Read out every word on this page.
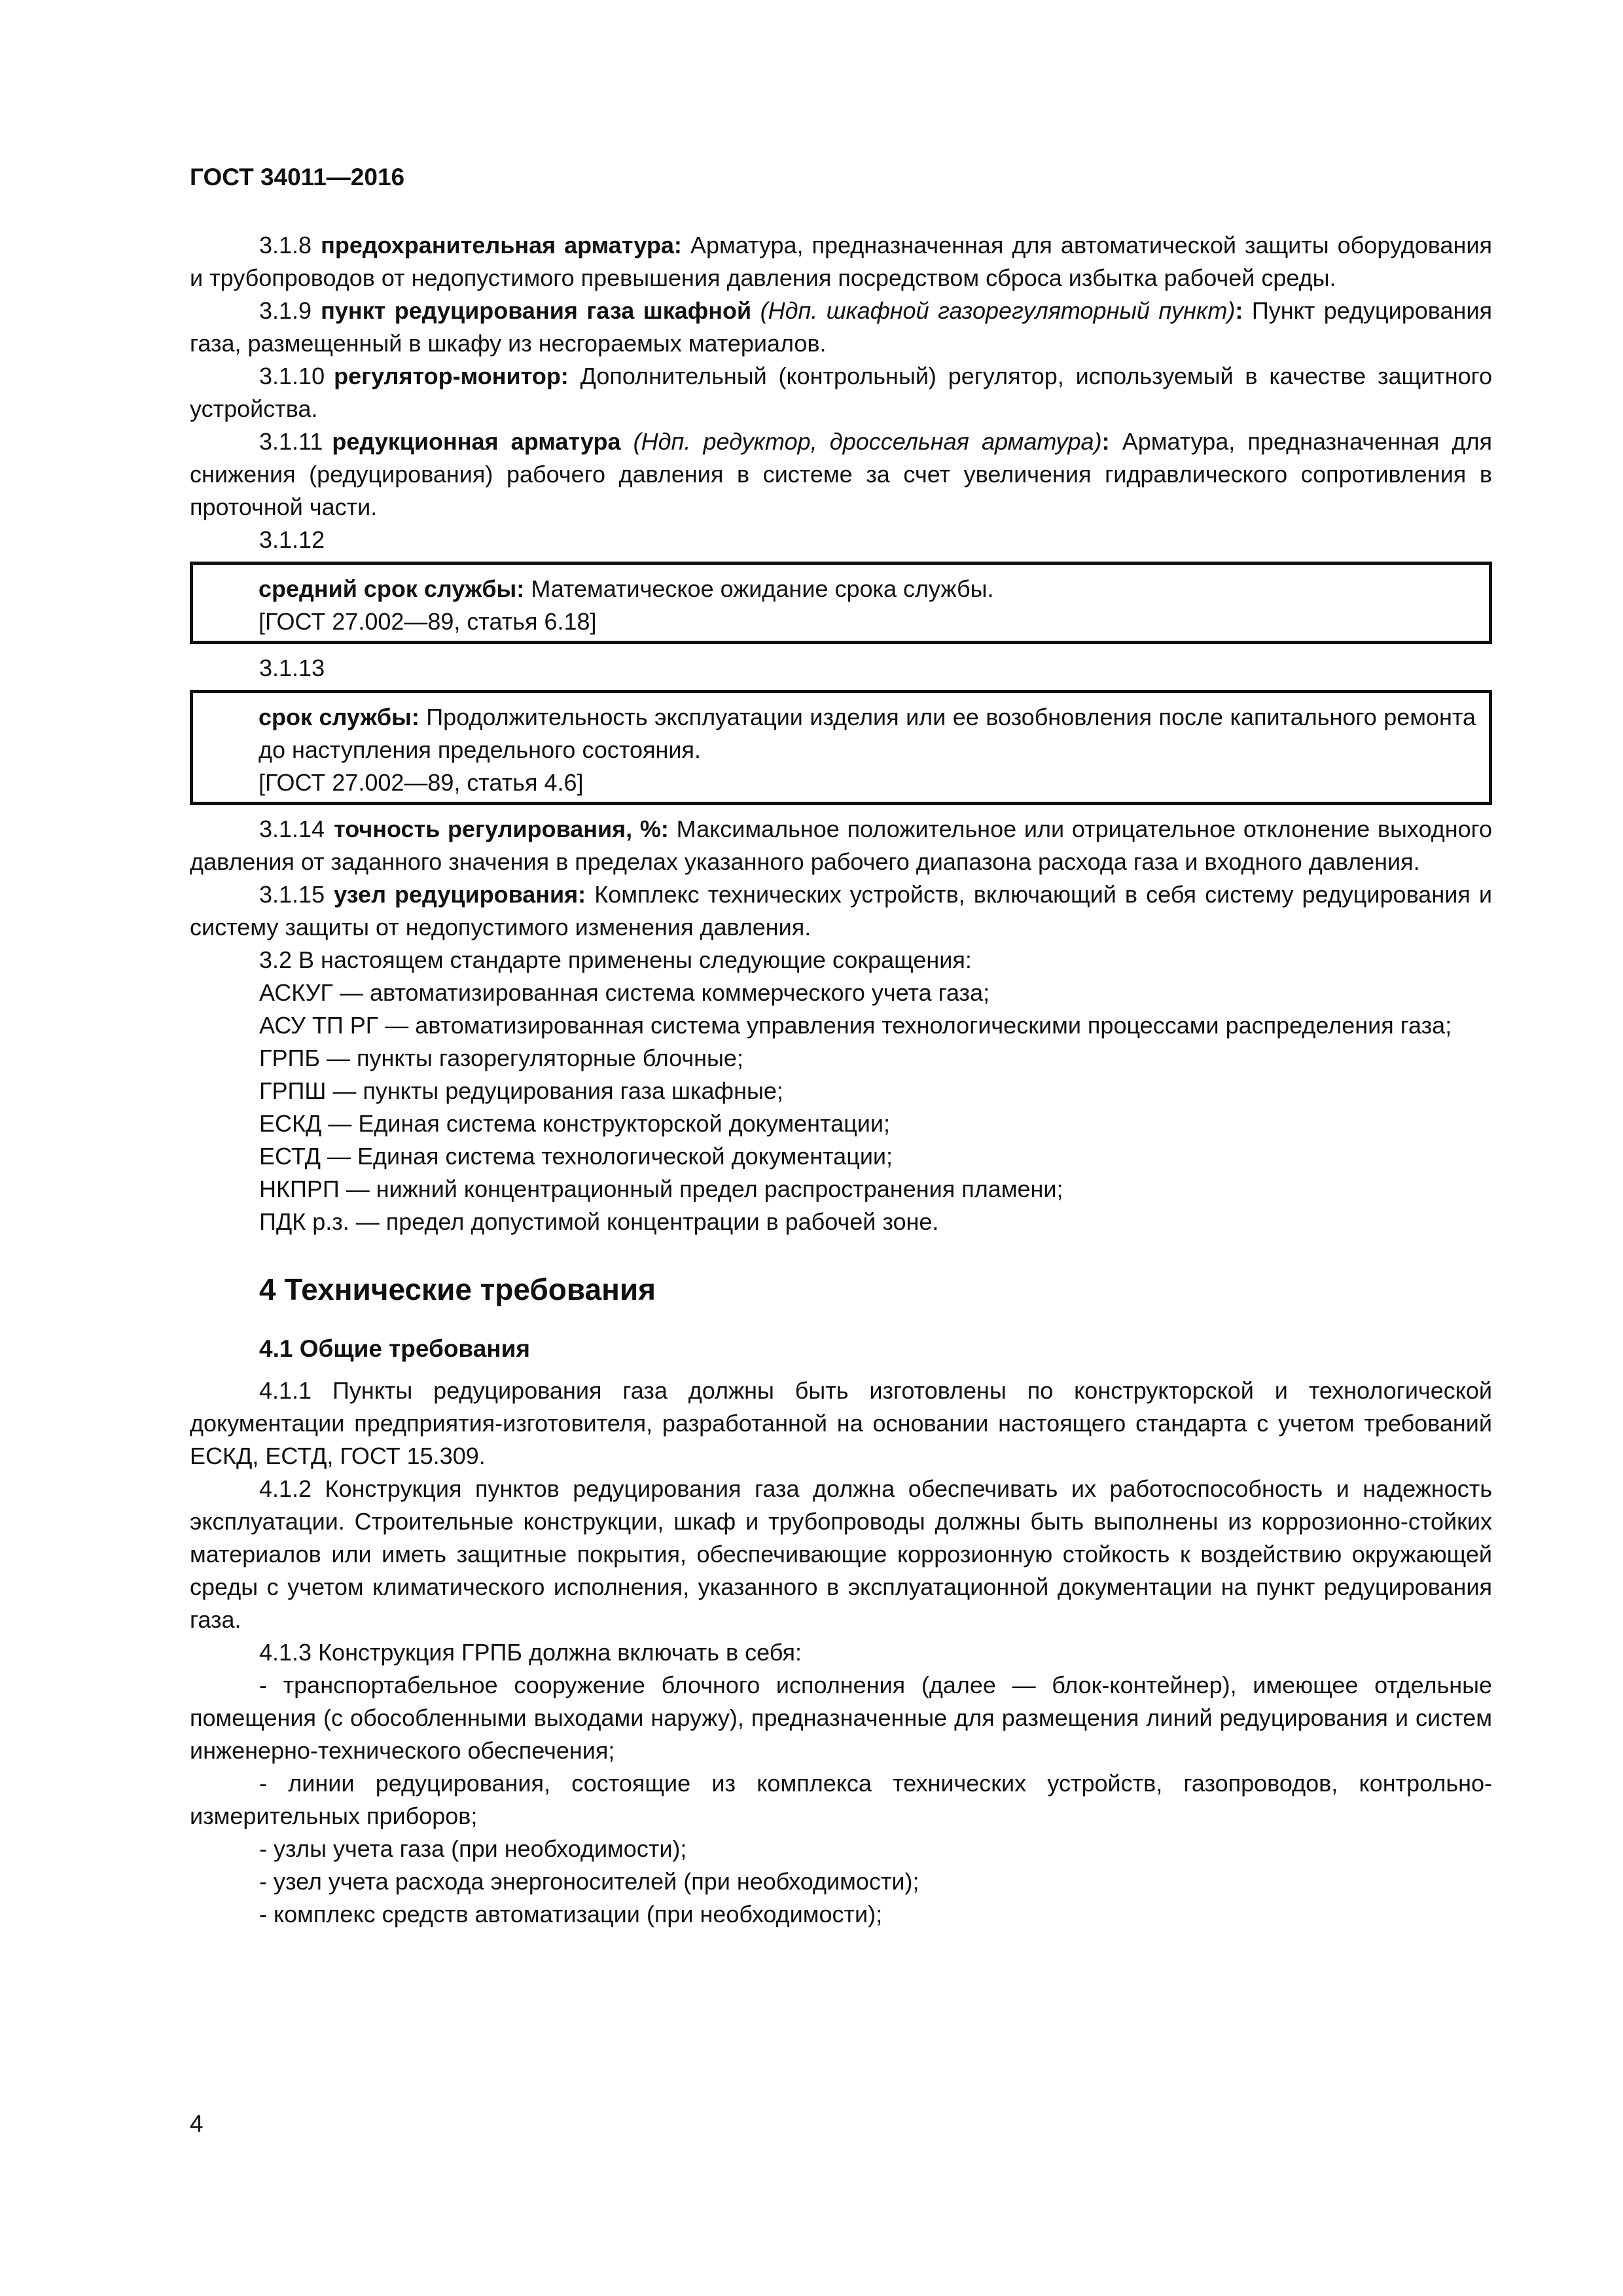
ГОСТ 34011—2016

3.1.8 предохранительная арматура: Арматура, предназначенная для автоматической защиты оборудования и трубопроводов от недопустимого превышения давления посредством сброса избытка рабочей среды.

3.1.9 пункт редуцирования газа шкафной (Ндп. шкафной газорегуляторный пункт): Пункт редуцирования газа, размещенный в шкафу из несгораемых материалов.

3.1.10 регулятор-монитор: Дополнительный (контрольный) регулятор, используемый в качестве защитного устройства.

3.1.11 редукционная арматура (Ндп. редуктор, дроссельная арматура): Арматура, предназначенная для снижения (редуцирования) рабочего давления в системе за счет увеличения гидравлического сопротивления в проточной части.

3.1.12

средний срок службы: Математическое ожидание срока службы.

[ГОСТ 27.002—89, статья 6.18]

3.1.13

срок службы: Продолжительность эксплуатации изделия или ее возобновления после капитального ремонта до наступления предельного состояния.

[ГОСТ 27.002—89, статья 4.6]

3.1.14 точность регулирования, %: Максимальное положительное или отрицательное отклонение выходного давления от заданного значения в пределах указанного рабочего диапазона расхода газа и входного давления.

3.1.15 узел редуцирования: Комплекс технических устройств, включающий в себя систему редуцирования и систему защиты от недопустимого изменения давления.

3.2 В настоящем стандарте применены следующие сокращения:

АСКУГ — автоматизированная система коммерческого учета газа;

АСУ ТП РГ — автоматизированная система управления технологическими процессами распределения газа;

ГРПБ — пункты газорегуляторные блочные;

ГРПШ — пункты редуцирования газа шкафные;

ЕСКД — Единая система конструкторской документации;

ЕСТД — Единая система технологической документации;

НКПРП — нижний концентрационный предел распространения пламени;

ПДК р.з. — предел допустимой концентрации в рабочей зоне.

4 Технические требования
4.1 Общие требования

4.1.1 Пункты редуцирования газа должны быть изготовлены по конструкторской и технологической документации предприятия-изготовителя, разработанной на основании настоящего стандарта с учетом требований ЕСКД, ЕСТД, ГОСТ 15.309.

4.1.2 Конструкция пунктов редуцирования газа должна обеспечивать их работоспособность и надежность эксплуатации. Строительные конструкции, шкаф и трубопроводы должны быть выполнены из коррозионно-стойких материалов или иметь защитные покрытия, обеспечивающие коррозионную стойкость к воздействию окружающей среды с учетом климатического исполнения, указанного в эксплуатационной документации на пункт редуцирования газа.

4.1.3 Конструкция ГРПБ должна включать в себя:

- транспортабельное сооружение блочного исполнения (далее — блок-контейнер), имеющее отдельные помещения (с обособленными выходами наружу), предназначенные для размещения линий редуцирования и систем инженерно-технического обеспечения;

- линии редуцирования, состоящие из комплекса технических устройств, газопроводов, контрольно-измерительных приборов;

- узлы учета газа (при необходимости);

- узел учета расхода энергоносителей (при необходимости);

- комплекс средств автоматизации (при необходимости);

4
